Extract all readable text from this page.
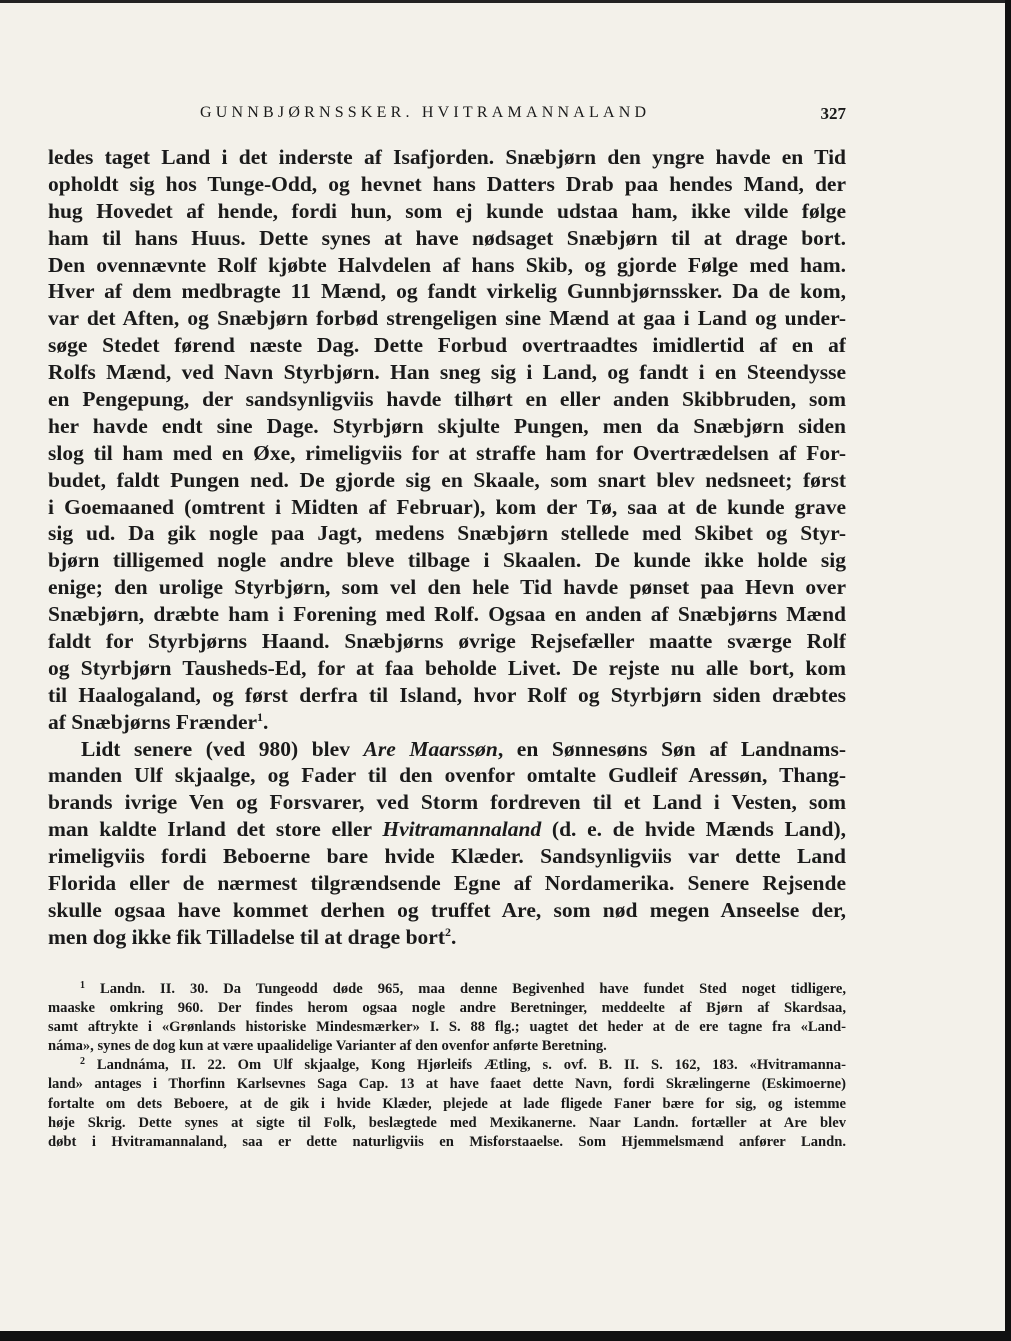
GUNNBJØRNSSKER. HVITRAMANNALAND	327
ledes taget Land i det inderste af Isafjorden. Snæbjørn den yngre havde en Tid
opholdt sig hos Tunge-Odd, og hevnet hans Datters Drab paa hendes Mand, der
hug Hovedet af hende, fordi hun, som ej kunde udstaa ham, ikke vilde følge
ham til hans Huus. Dette synes at have nødsaget Snæbjørn til at drage bort.
Den ovennævnte Rolf kjøbte Halvdelen af hans Skib, og gjorde Følge med ham.
Hver af dem medbragte 11 Mænd, og fandt virkelig Gunnbjørnssker. Da de kom,
var det Aften, og Snæbjørn forbød strengeligen sine Mænd at gaa i Land og under-
søge Stedet førend næste Dag. Dette Forbud overtraadtes imidlertid af en af
Rolfs Mænd, ved Navn Styrbjørn. Han sneg sig i Land, og fandt i en Steendysse
en Pengepung, der sandsynligviis havde tilhørt en eller anden Skibbruden, som
her havde endt sine Dage. Styrbjørn skjulte Pungen, men da Snæbjørn siden
slog til ham med en Øxe, rimeligviis for at straffe ham for Overtrædelsen af For-
budet, faldt Pungen ned. De gjorde sig en Skaale, som snart blev nedsneet; først
i Goemaaned (omtrent i Midten af Februar), kom der Tø, saa at de kunde grave
sig ud. Da gik nogle paa Jagt, medens Snæbjørn stellede med Skibet og Styr-
bjørn tilligemed nogle andre bleve tilbage i Skaalen. De kunde ikke holde sig
enige; den urolige Styrbjørn, som vel den hele Tid havde pønset paa Hevn over
Snæbjørn, dræbte ham i Forening med Rolf. Ogsaa en anden af Snæbjørns Mænd
faldt for Styrbjørns Haand. Snæbjørns øvrige Rejsefæller maatte sværge Rolf
og Styrbjørn Tausheds-Ed, for at faa beholde Livet. De rejste nu alle bort, kom
til Haalogaland, og først derfra til Island, hvor Rolf og Styrbjørn siden dræbtes
af Snæbjørns Frænder$^1$.
Lidt senere (ved 980) blev Are Maarssøn, en Sønnesøns Søn af Landnams-
manden Ulf skjaalge, og Fader til den ovenfor omtalte Gudleif Aressøn, Thang-
brands ivrige Ven og Forsvarer, ved Storm fordreven til et Land i Vesten, som
man kaldte Irland det store eller Hvitramannaland (d. e. de hvide Mænds Land),
rimeligviis fordi Beboerne bare hvide Klæder. Sandsynligviis var dette Land
Florida eller de nærmest tilgrændsende Egne af Nordamerika. Senere Rejsende
skulle ogsaa have kommet derhen og truffet Are, som nød megen Anseelse der,
men dog ikke fik Tilladelse til at drage bort$^2$.
$^1$ Landn. II. 30. Da Tungeodd døde 965, maa denne Begivenhed have fundet Sted noget tidligere,
maaske omkring 960. Der findes herom ogsaa nogle andre Beretninger, meddeelte af Bjørn af Skardsaa,
samt aftrykte i «Grønlands historiske Mindesmærker» I. S. 88 flg.; uagtet det heder at de ere tagne fra «Land-
náma», synes de dog kun at være upaalidelige Varianter af den ovenfor anførte Beretning.
$^2$ Landnáma, II. 22. Om Ulf skjaalge, Kong Hjørleifs Ætling, s. ovf. B. II. S. 162, 183. «Hvitramanna-
land» antages i Thorfinn Karlsevnes Saga Cap. 13 at have faaet dette Navn, fordi Skrælingerne (Eskimoerne)
fortalte om dets Beboere, at de gik i hvide Klæder, plejede at lade fligede Faner bære for sig, og istemme
høje Skrig. Dette synes at sigte til Folk, beslægtede med Mexikanerne. Naar Landn. fortæller at Are blev
døbt i Hvitramannaland, saa er dette naturligviis en Misforstaaelse. Som Hjemmelsmænd anfører Landn.
